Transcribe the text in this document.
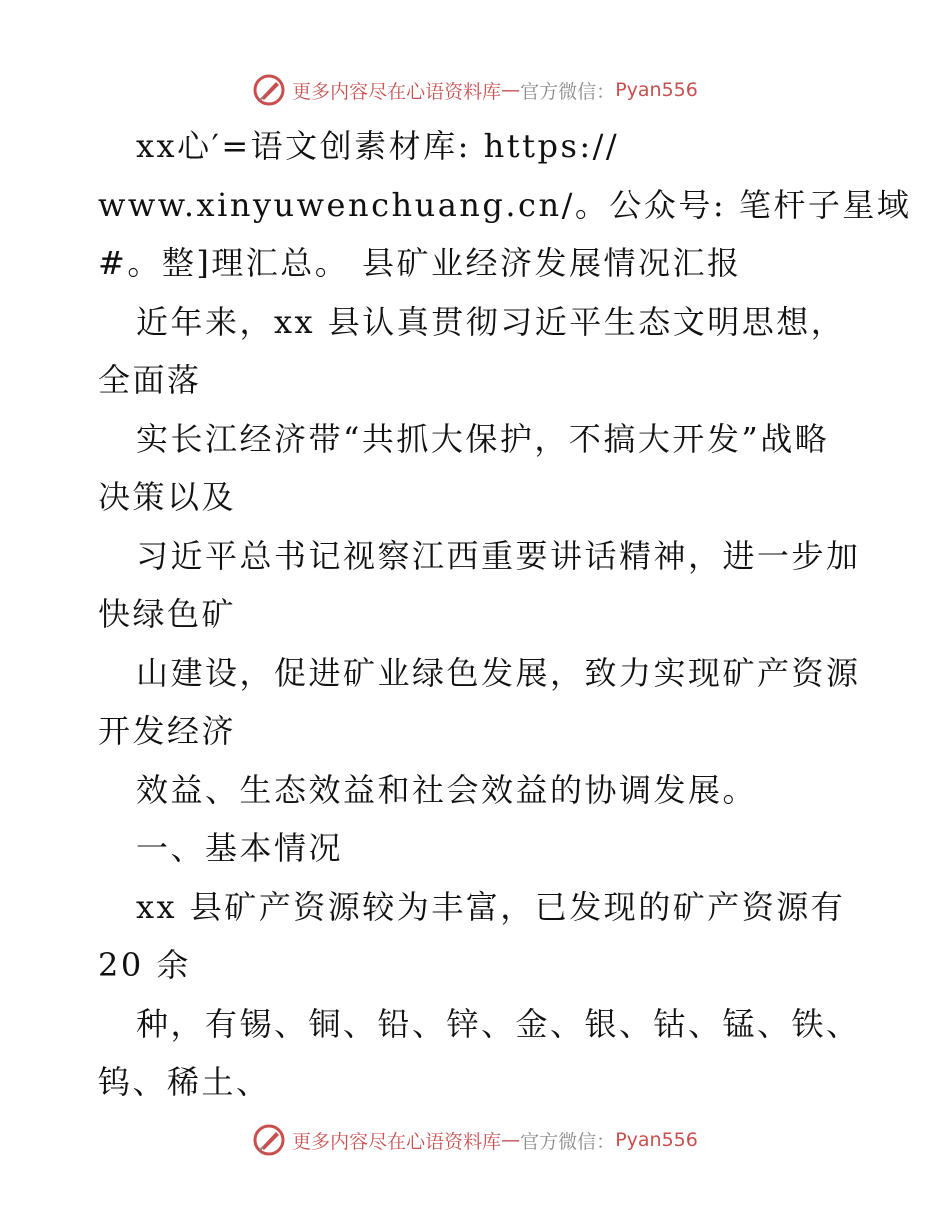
更多内容尽在心语资料库 — 官方微信： Pyan556
xx心′=语文创素材库: https://
www.xinyuwenchuang.cn/。公众号: 笔杆子星域
#。整]理汇总。 县矿业经济发展情况汇报
近年来，xx 县认真贯彻习近平生态文明思想，
全面落
实长江经济带“共抓大保护，不搞大开发”战略
决策以及
习近平总书记视察江西重要讲话精神，进一步加
快绿色矿
山建设，促进矿业绿色发展，致力实现矿产资源
开发经济
效益、生态效益和社会效益的协调发展。
一、基本情况
xx 县矿产资源较为丰富，已发现的矿产资源有
20 余
种，有锡、铜、铅、锌、金、银、钴、锰、铁、
钨、稀土、
更多内容尽在心语资料库 — 官方微信： Pyan556
